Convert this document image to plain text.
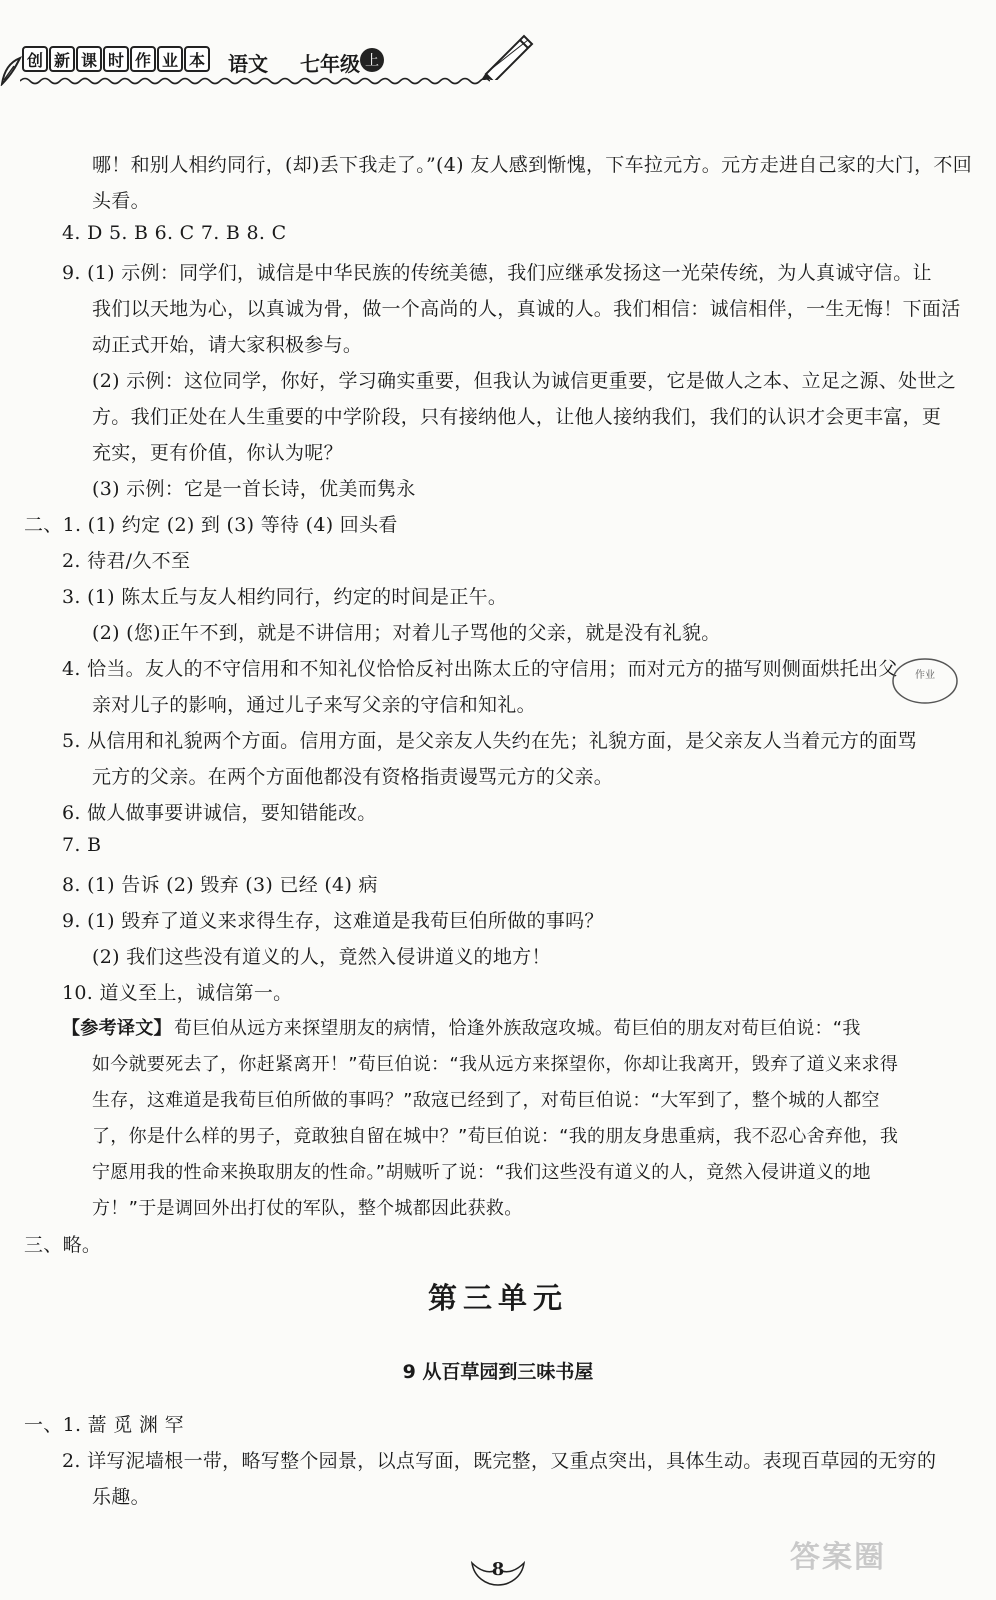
创 新 课 时 作 业 本 语文 七年级 上
哪！和别人相约同行，(却)丢下我走了。”(4) 友人感到惭愧，下车拉元方。元方走进自己家的大门，不回
头看。
4. D 5. B 6. C 7. B 8. C
9. (1) 示例：同学们，诚信是中华民族的传统美德，我们应继承发扬这一光荣传统，为人真诚守信。让
我们以天地为心，以真诚为骨，做一个高尚的人，真诚的人。我们相信：诚信相伴，一生无悔！下面活
动正式开始，请大家积极参与。
(2) 示例：这位同学，你好，学习确实重要，但我认为诚信更重要，它是做人之本、立足之源、处世之
方。我们正处在人生重要的中学阶段，只有接纳他人，让他人接纳我们，我们的认识才会更丰富，更
充实，更有价值，你认为呢？
(3) 示例：它是一首长诗，优美而隽永
二、1. (1) 约定 (2) 到 (3) 等待 (4) 回头看
2. 待君/久不至
3. (1) 陈太丘与友人相约同行，约定的时间是正午。
(2) (您)正午不到，就是不讲信用；对着儿子骂他的父亲，就是没有礼貌。
4. 恰当。友人的不守信用和不知礼仪恰恰反衬出陈太丘的守信用；而对元方的描写则侧面烘托出父
亲对儿子的影响，通过儿子来写父亲的守信和知礼。
5. 从信用和礼貌两个方面。信用方面，是父亲友人失约在先；礼貌方面，是父亲友人当着元方的面骂
元方的父亲。在两个方面他都没有资格指责谩骂元方的父亲。
6. 做人做事要讲诚信，要知错能改。
7. B
8. (1) 告诉 (2) 毁弃 (3) 已经 (4) 病
9. (1) 毁弃了道义来求得生存，这难道是我荀巨伯所做的事吗？
(2) 我们这些没有道义的人，竟然入侵讲道义的地方！
10. 道义至上，诚信第一。
三、略。
一、1. 蔷 觅 渊 罕
2. 详写泥墙根一带，略写整个园景，以点写面，既完整，又重点突出，具体生动。表现百草园的无穷的
乐趣。
荀巨伯从远方来探望朋友的病情，恰逢外族敌寇攻城。荀巨伯的朋友对荀巨伯说：“我
如今就要死去了，你赶紧离开！”荀巨伯说：“我从远方来探望你，你却让我离开，毁弃了道义来求得
生存，这难道是我荀巨伯所做的事吗？”敌寇已经到了，对荀巨伯说：“大军到了，整个城的人都空
了，你是什么样的男子，竟敢独自留在城中？”荀巨伯说：“我的朋友身患重病，我不忍心舍弃他，我
宁愿用我的性命来换取朋友的性命。”胡贼听了说：“我们这些没有道义的人，竟然入侵讲道义的地
方！”于是调回外出打仗的军队，整个城都因此获救。
【参考译文】
第三单元
9 从百草园到三味书屋
作业
8	答案圈
